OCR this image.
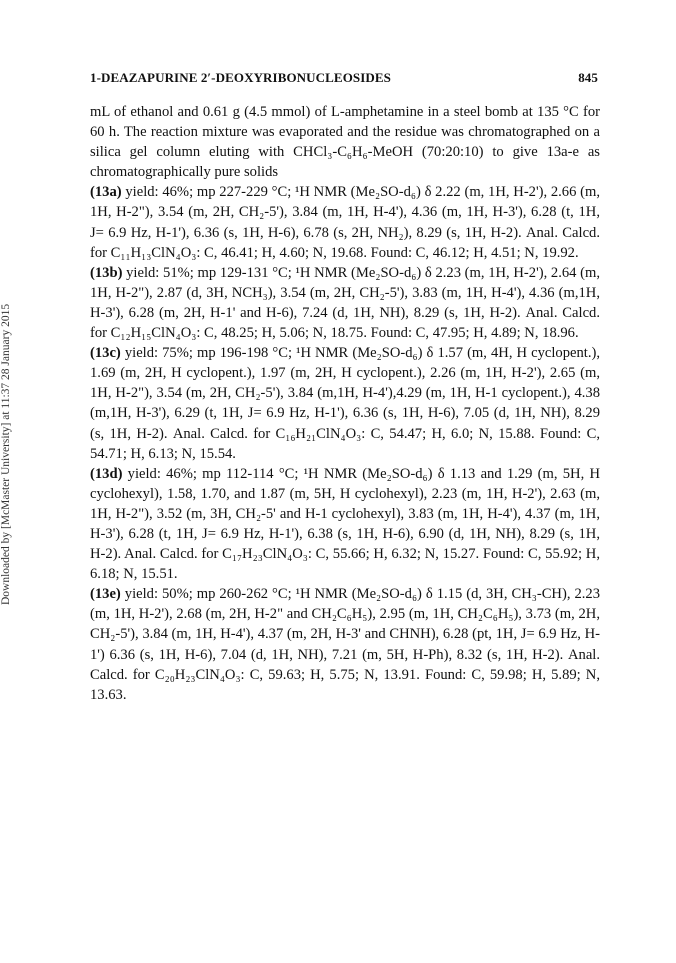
1-DEAZAPURINE 2′-DEOXYRIBONUCLEOSIDES	845
Downloaded by [McMaster University] at 11:37 28 January 2015

mL of ethanol and 0.61 g (4.5 mmol) of L-amphetamine in a steel bomb at 135 °C for 60 h. The reaction mixture was evaporated and the residue was chromatographed on a silica gel column eluting with CHCl₃-C₆H₆-MeOH (70:20:10) to give 13a-e as chromatographically pure solids

(13a) yield: 46%; mp 227-229 °C; ¹H NMR (Me₂SO-d₆) δ 2.22 (m, 1H, H-2'), 2.66 (m, 1H, H-2"), 3.54 (m, 2H, CH₂-5'), 3.84 (m, 1H, H-4'), 4.36 (m, 1H, H-3'), 6.28 (t, 1H, J= 6.9 Hz, H-1'), 6.36 (s, 1H, H-6), 6.78 (s, 2H, NH₂), 8.29 (s, 1H, H-2). Anal. Calcd. for C₁₁H₁₃ClN₄O₃: C, 46.41; H, 4.60; N, 19.68. Found: C, 46.12; H, 4.51; N, 19.92.

(13b) yield: 51%; mp 129-131 °C; ¹H NMR (Me₂SO-d₆) δ 2.23 (m, 1H, H-2'), 2.64 (m, 1H, H-2"), 2.87 (d, 3H, NCH₃), 3.54 (m, 2H, CH₂-5'), 3.83 (m, 1H, H-4'), 4.36 (m,1H, H-3'), 6.28 (m, 2H, H-1' and H-6), 7.24 (d, 1H, NH), 8.29 (s, 1H, H-2). Anal. Calcd. for C₁₂H₁₅ClN₄O₃: C, 48.25; H, 5.06; N, 18.75. Found: C, 47.95; H, 4.89; N, 18.96.

(13c) yield: 75%; mp 196-198 °C; ¹H NMR (Me₂SO-d₆) δ 1.57 (m, 4H, H cyclopent.), 1.69 (m, 2H, H cyclopent.), 1.97 (m, 2H, H cyclopent.), 2.26 (m, 1H, H-2'), 2.65 (m, 1H, H-2"), 3.54 (m, 2H, CH₂-5'), 3.84 (m,1H, H-4'),4.29 (m, 1H, H-1 cyclopent.), 4.38 (m,1H, H-3'), 6.29 (t, 1H, J= 6.9 Hz, H-1'), 6.36 (s, 1H, H-6), 7.05 (d, 1H, NH), 8.29 (s, 1H, H-2). Anal. Calcd. for C₁₆H₂₁ClN₄O₃: C, 54.47; H, 6.0; N, 15.88. Found: C, 54.71; H, 6.13; N, 15.54.

(13d) yield: 46%; mp 112-114 °C; ¹H NMR (Me₂SO-d₆) δ 1.13 and 1.29 (m, 5H, H cyclohexyl), 1.58, 1.70, and 1.87 (m, 5H, H cyclohexyl), 2.23 (m, 1H, H-2'), 2.63 (m, 1H, H-2"), 3.52 (m, 3H, CH₂-5' and H-1 cyclohexyl), 3.83 (m, 1H, H-4'), 4.37 (m, 1H, H-3'), 6.28 (t, 1H, J= 6.9 Hz, H-1'), 6.38 (s, 1H, H-6), 6.90 (d, 1H, NH), 8.29 (s, 1H, H-2). Anal. Calcd. for C₁₇H₂₃ClN₄O₃: C, 55.66; H, 6.32; N, 15.27. Found: C, 55.92; H, 6.18; N, 15.51.

(13e) yield: 50%; mp 260-262 °C; ¹H NMR (Me₂SO-d₆) δ 1.15 (d, 3H, CH₃-CH), 2.23 (m, 1H, H-2'), 2.68 (m, 2H, H-2" and CH₂C₆H₅), 2.95 (m, 1H, CH₂C₆H₅), 3.73 (m, 2H, CH₂-5'), 3.84 (m, 1H, H-4'), 4.37 (m, 2H, H-3' and CHNH), 6.28 (pt, 1H, J= 6.9 Hz, H-1') 6.36 (s, 1H, H-6), 7.04 (d, 1H, NH), 7.21 (m, 5H, H-Ph), 8.32 (s, 1H, H-2). Anal. Calcd. for C₂₀H₂₃ClN₄O₃: C, 59.63; H, 5.75; N, 13.91. Found: C, 59.98; H, 5.89; N, 13.63.
